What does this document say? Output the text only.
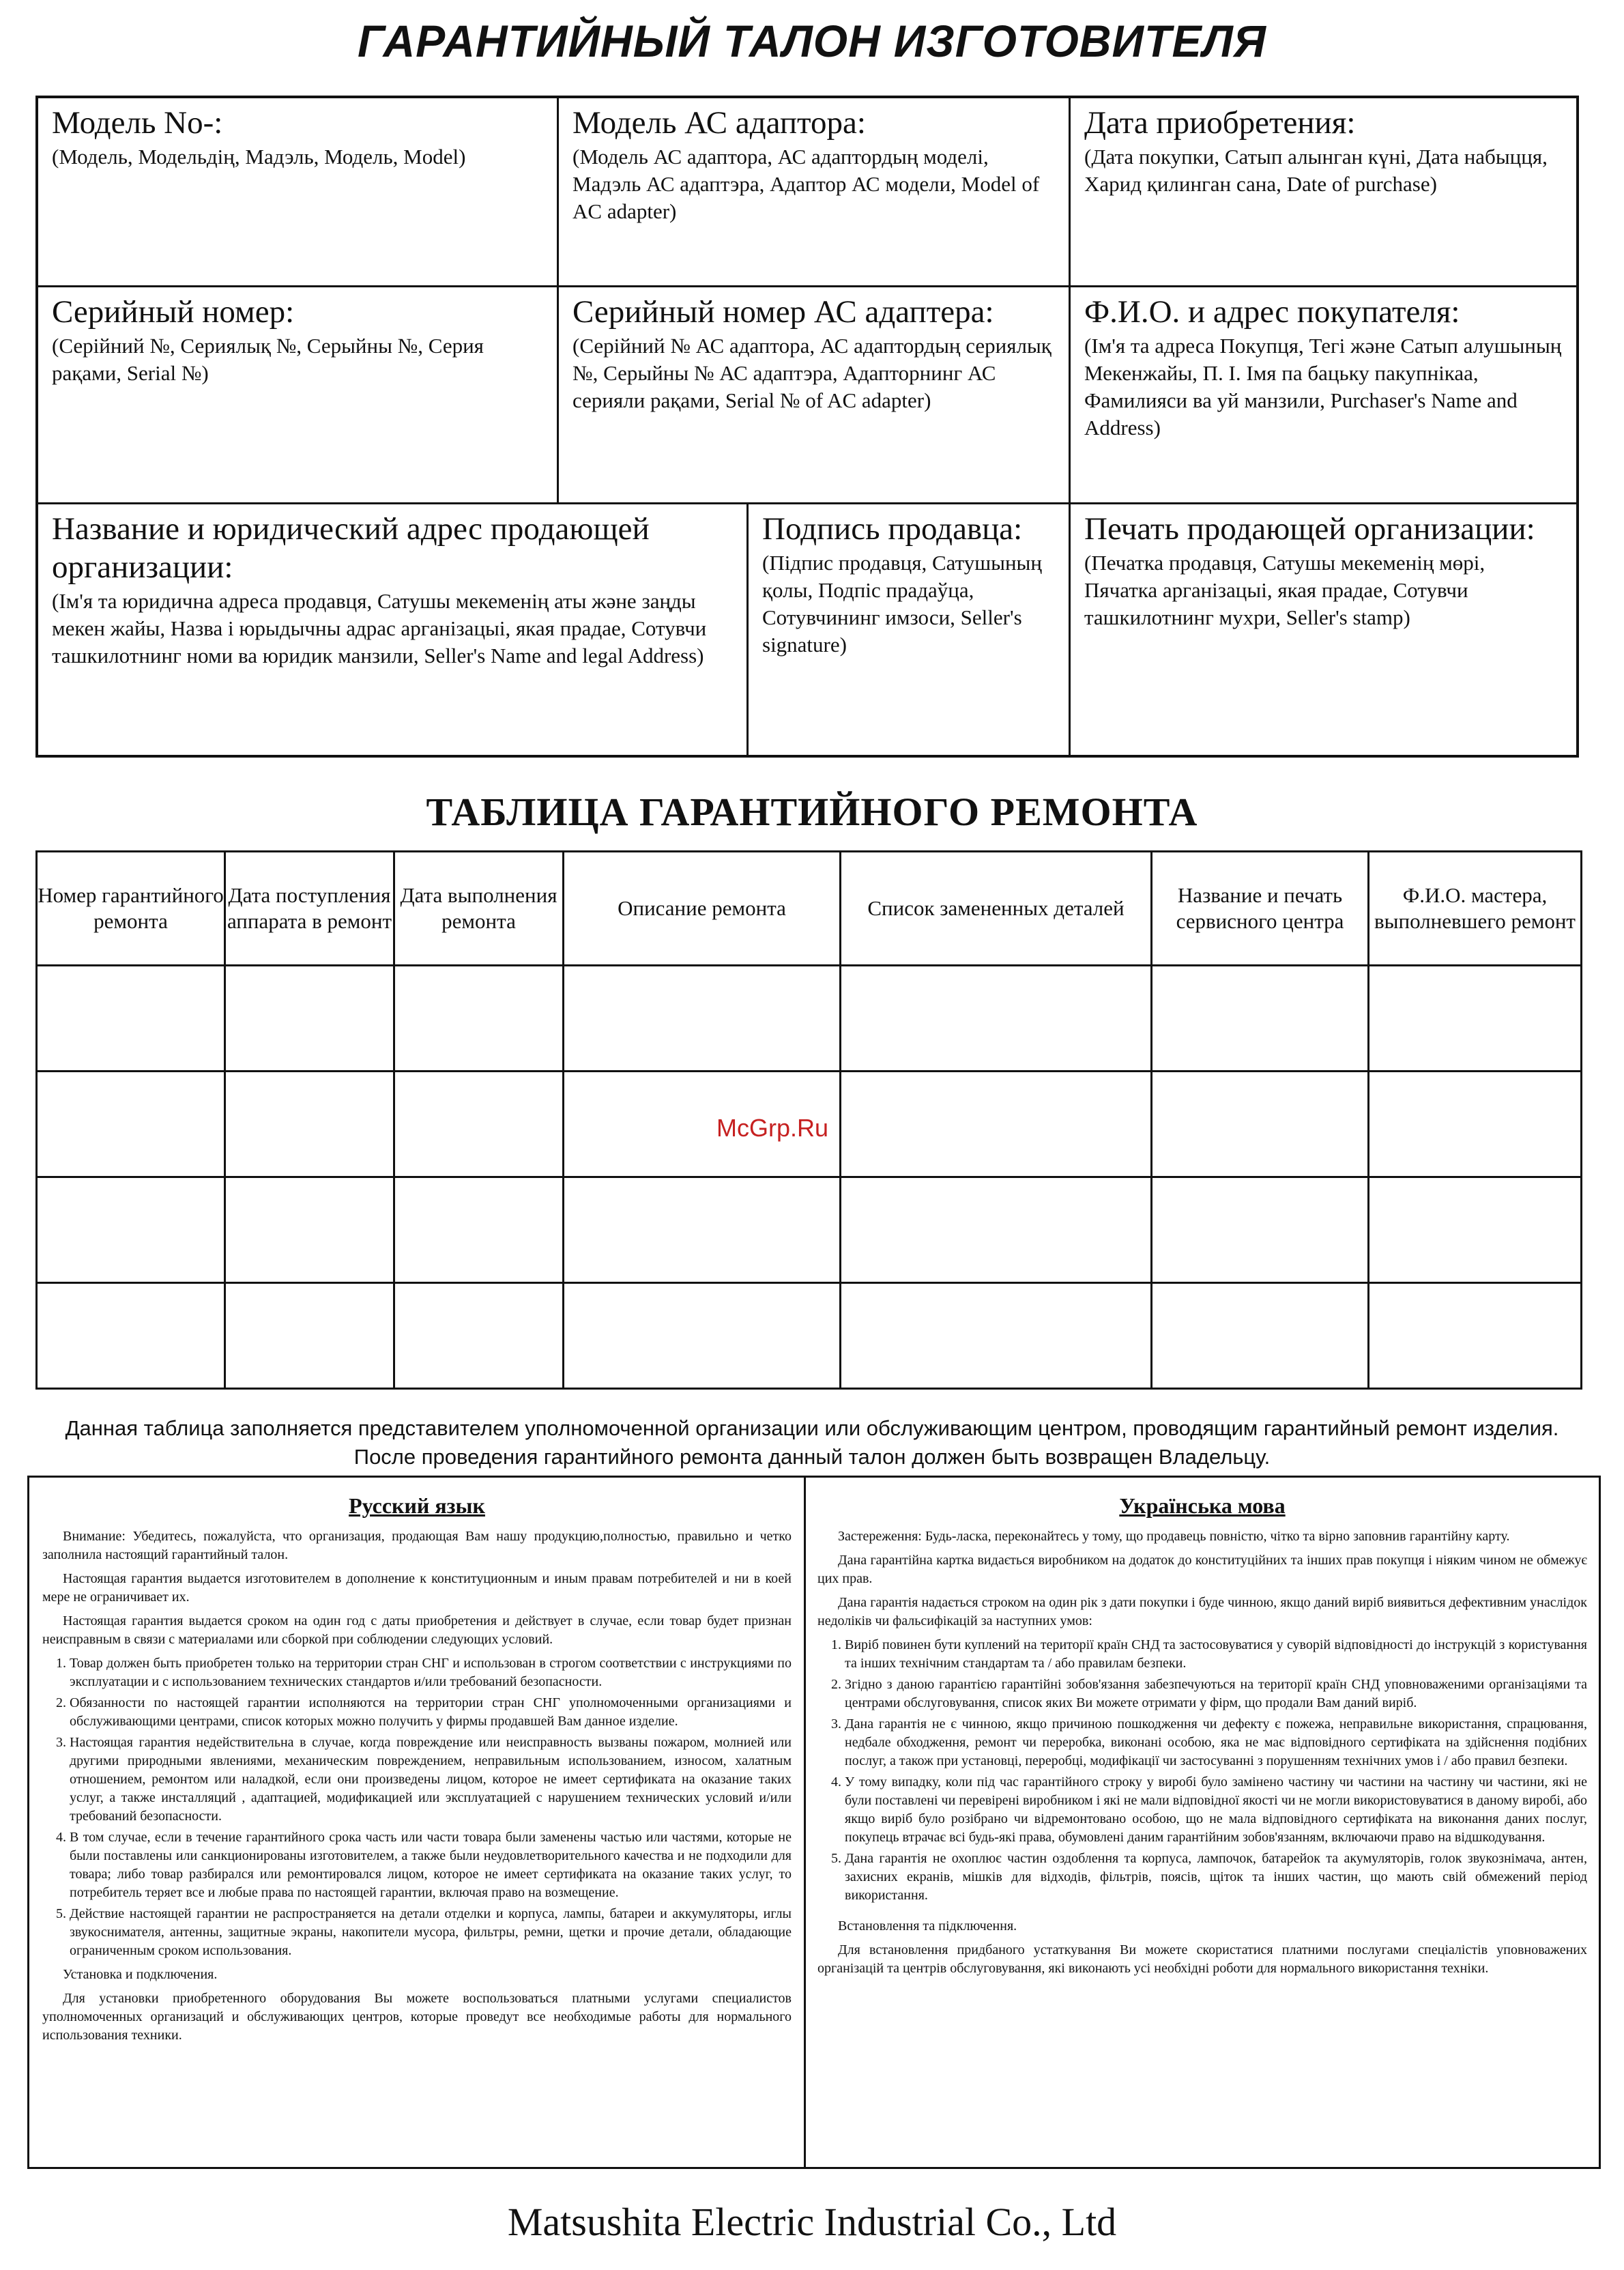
ГАРАНТИЙНЫЙ ТАЛОН ИЗГОТОВИТЕЛЯ
Модель No-:
(Модель, Модельдің, Мадэль, Модель, Model)
Модель АС адаптора:
(Модель АС адаптора, АС адаптордың моделі, Мадэль АС адаптэра, Адаптор АС модели, Model of AC adapter)
Дата приобретения:
(Дата покупки, Сатып алынган күні, Дата набыцця, Харид қилинган сана, Date of purchase)
Серийный номер:
(Серійний №, Сериялық №, Серыйны №, Серия рақами, Serial №)
Серийный номер АС адаптера:
(Серійний № АС адаптора, АС адаптордың сериялық №, Серыйны № АС адаптэра, Адапторнинг АС серияли рақами, Serial № of AC adapter)
Ф.И.О. и адрес покупателя:
(Ім'я та адреса Покупця, Тегі және Сатып алушының Мекенжайы, П. І. Імя па бацьку пакупнікаа, Фамилияси ва уй манзили, Purchaser's Name and Address)
Название и юридический адрес продающей организации:
(Ім'я та юридична адреса продавця, Сатушы мекеменің аты және заңды мекен жайы, Назва і юрыдычны адрас арганізацыі, якая прадае, Сотувчи ташкилотнинг номи ва юридик манзили, Seller's Name and legal Address)
Подпись продавца:
(Підпис продавця, Сатушының қолы, Подпіс прадаўца, Сотувчининг имзоси, Seller's signature)
Печать продающей организации:
(Печатка продавця, Сатушы мекеменің мөрі, Пячатка арганізацыі, якая прадае, Сотувчи ташкилотнинг мухри, Seller's stamp)
ТАБЛИЦА ГАРАНТИЙНОГО РЕМОНТА
Номер гарантийного ремонта	Дата поступления аппарата в ремонт	Дата выполнения ремонта	Описание ремонта	Список замененных деталей	Название и печать сервисного центра	Ф.И.О. мастера, выполневшего ремонт

McGrp.Ru
Данная таблица заполняется представителем уполномоченной организации или обслуживающим центром, проводящим гарантийный ремонт изделия.
После проведения гарантийного ремонта данный талон должен быть возвращен Владельцу.
Русский язык

Внимание: Убедитесь, пожалуйста, что организация, продающая Вам нашу продукцию,полностью, правильно и четко заполнила настоящий гарантийный талон.

Настоящая гарантия выдается изготовителем в дополнение к конституционным и иным правам потребителей и ни в коей мере не ограничивает их.

Настоящая гарантия выдается сроком на один год с даты приобретения и действует в случае, если товар будет признан неисправным в связи с материалами или сборкой при соблюдении следующих условий.

1. Товар должен быть приобретен только на территории стран СНГ и использован в строгом соответствии с инструкциями по эксплуатации и с использованием технических стандартов и/или требований безопасности.
2. Обязанности по настоящей гарантии исполняются на территории стран СНГ уполномоченными организациями и обслуживающими центрами, список которых можно получить у фирмы продавшей Вам данное изделие.
3. Настоящая гарантия недействительна в случае, когда повреждение или неисправность вызваны пожаром, молнией или другими природными явлениями, механическим повреждением, неправильным использованием, износом, халатным отношением, ремонтом или наладкой, если они произведены лицом, которое не имеет сертификата на оказание таких услуг, а также инсталляций , адаптацией, модификацией или эксплуатацией с нарушением технических условий и/или требований безопасности.
4. В том случае, если в течение гарантийного срока часть или части товара были заменены частью или частями, которые не были поставлены или санкционированы изготовителем, а также были неудовлетворительного качества и не подходили для товара; либо товар разбирался или ремонтировался лицом, которое не имеет сертификата на оказание таких услуг, то потребитель теряет все и любые права по настоящей гарантии, включая право на возмещение.
5. Действие настоящей гарантии не распространяется на детали отделки и корпуса, лампы, батареи и аккумуляторы, иглы звукоснимателя, антенны, защитные экраны, накопители мусора, фильтры, ремни, щетки и прочие детали, обладающие ограниченным сроком использования.

Установка и подключения.

Для установки приобретенного оборудования Вы можете воспользоваться платными услугами специалистов уполномоченных организаций и обслуживающих центров, которые проведут все необходимые работы для нормального использования техники.

Українська мова

Застереження: Будь-ласка, переконайтесь у тому, що продавець повністю, чітко та вірно заповнив гарантійну карту.

Дана гарантійна картка видається виробником на додаток до конституційних та інших прав покупця і ніяким чином не обмежує цих прав.

Дана гарантія надається строком на один рік з дати покупки і буде чинною, якщо даний виріб виявиться дефективним унаслідок недоліків чи фальсифікацій за наступних умов:

1. Виріб повинен бути куплений на території країн СНД та застосовуватися у суворій відповідності до інструкцій з користування та інших технічним стандартам та / або правилам безпеки.
2. Згідно з даною гарантією гарантійні зобов'язання забезпечуються на території країн СНД уповноваженими організаціями та центрами обслуговування, список яких Ви можете отримати у фірм, що продали Вам даний виріб.
3. Дана гарантія не є чинною, якщо причиною пошкодження чи дефекту є пожежа, неправильне використання, спрацювання, недбале обходження, ремонт чи переробка, виконані особою, яка не має відповідного сертифіката на здійснення подібних послуг, а також при установці, переробці, модифікації чи застосуванні з порушенням технічних умов і / або правил безпеки.
4. У тому випадку, коли під час гарантійного строку у виробі було замінено частину чи частини на частину чи частини, які не були поставлені чи перевірені виробником і які не мали відповідної якості чи не могли використовуватися в даному виробі, або якщо виріб було розібрано чи відремонтовано особою, що не мала відповідного сертифіката на виконання даних послуг, покупець втрачає всі будь-які права, обумовлені даним гарантійним зобов'язанням, включаючи право на відшкодування.
5. Дана гарантія не охоплює частин оздоблення та корпуса, лампочок, батарейок та акумуляторів, голок звукознімача, антен, захисних екранів, мішків для відходів, фільтрів, поясів, щіток та інших частин, що мають свій обмежений період використання.

Встановлення та підключення.

Для встановлення придбаного устаткування Ви можете скористатися платними послугами спеціалістів уповноважених організацій та центрів обслуговування, які виконають усі необхідні роботи для нормального використання техніки.

Matsushita Electric Industrial Co., Ltd
